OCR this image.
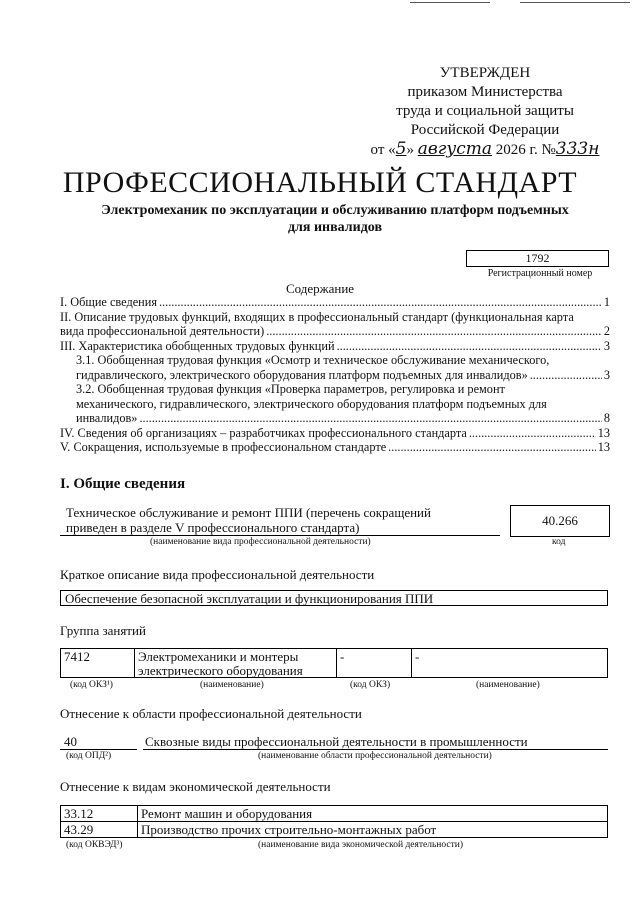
УТВЕРЖДЕН
приказом Министерства
труда и социальной защиты
Российской Федерации
от «5» августа 2026 г. №333н
ПРОФЕССИОНАЛЬНЫЙ СТАНДАРТ
Электромеханик по эксплуатации и обслуживанию платформ подъемных
для инвалидов
1792
Регистрационный номер
Содержание
I. Общие сведения .....	1
II. Описание трудовых функций, входящих в профессиональный стандарт (функциональная карта
вида профессиональной деятельности) .....	2
III. Характеристика обобщенных трудовых функций .....	3
3.1. Обобщенная трудовая функция «Осмотр и техническое обслуживание механического,
гидравлического, электрического оборудования платформ подъемных для инвалидов» .....	3
3.2. Обобщенная трудовая функция «Проверка параметров, регулировка и ремонт
механического, гидравлического, электрического оборудования платформ подъемных для
инвалидов» .....	8
IV. Сведения об организациях – разработчиках профессионального стандарта .....	13
V. Сокращения, используемые в профессиональном стандарте .....	13
I. Общие сведения
Техническое обслуживание и ремонт ППИ (перечень сокращений
приведен в разделе V профессионального стандарта)
(наименование вида профессиональной деятельности)
40.266
код
Краткое описание вида профессиональной деятельности
Обеспечение безопасной эксплуатации и функционирования ППИ
Группа занятий
7412	Электромеханики и монтеры
электрического оборудования
-	-
(код ОКЗ¹)	(наименование)	(код ОКЗ)	(наименование)
Отнесение к области профессиональной деятельности
40	Сквозные виды профессиональной деятельности в промышленности
(код ОПД²)	(наименование области профессиональной деятельности)
Отнесение к видам экономической деятельности
33.12	Ремонт машин и оборудования
43.29	Производство прочих строительно-монтажных работ
(код ОКВЭД³)	(наименование вида экономической деятельности)
